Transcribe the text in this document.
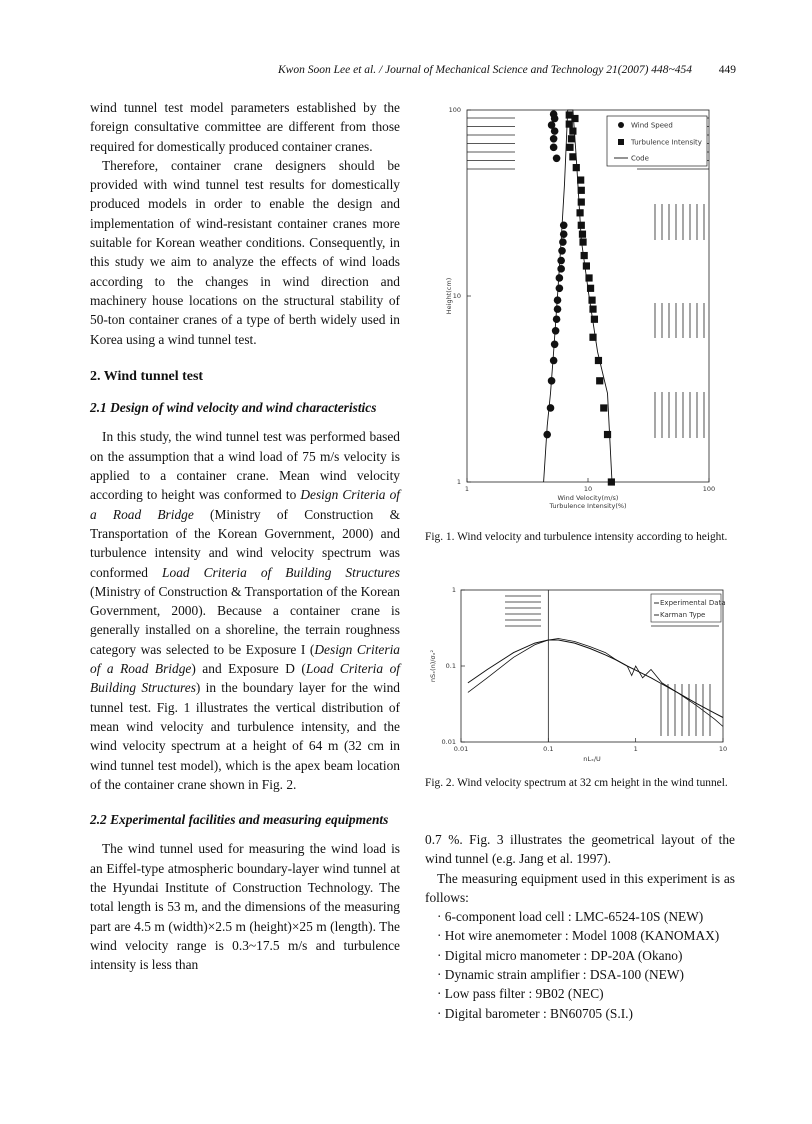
Kwon Soon Lee et al. / Journal of Mechanical Science and Technology 21(2007) 448~454 449

wind tunnel test model parameters established by the foreign consultative committee are different from those required for domestically produced container cranes.

Therefore, container crane designers should be provided with wind tunnel test results for domestically produced models in order to enable the design and implementation of wind-resistant container cranes more suitable for Korean weather conditions. Consequently, in this study we aim to analyze the effects of wind loads according to the changes in wind direction and machinery house locations on the structural stability of 50-ton container cranes of a type of berth widely used in Korea using a wind tunnel test.

2. Wind tunnel test
2.1 Design of wind velocity and wind characteristics

In this study, the wind tunnel test was performed based on the assumption that a wind load of 75 m/s velocity is applied to a container crane. Mean wind velocity according to height was conformed to Design Criteria of a Road Bridge (Ministry of Construction & Transportation of the Korean Government, 2000) and turbulence intensity and wind velocity spectrum was conformed Load Criteria of Building Structures (Ministry of Construction & Transportation of the Korean Government, 2000). Because a container crane is generally installed on a shoreline, the terrain roughness category was selected to be Exposure I (Design Criteria of a Road Bridge) and Exposure D (Load Criteria of Building Structures) in the boundary layer for the wind tunnel test. Fig. 1 illustrates the vertical distribution of mean wind velocity and turbulence intensity, and the wind velocity spectrum at a height of 64 m (32 cm in wind tunnel test model), which is the apex beam location of the container crane shown in Fig. 2.

2.2 Experimental facilities and measuring equipments

The wind tunnel used for measuring the wind load is an Eiffel-type atmospheric boundary-layer wind tunnel at the Hyundai Institute of Construction Technology. The total length is 53 m, and the dimensions of the measuring part are 4.5 m (width)×2.5 m (height)×25 m (length). The wind velocity range is 0.3~17.5 m/s and turbulence intensity is less than

1	10	100
1
10
100
Wind Velocity(m/s)
Turbulence Intensity(%)
Height(cm)
Wind Speed
Turbulence Intensity
Code
Fig. 1. Wind velocity and turbulence intensity according to height.
0.01	0.1	1	10
0.01
0.1
1
nLₓ/U
nSₓ(n)/σₓ²
Experimental Data
Karman Type
Fig. 2. Wind velocity spectrum at 32 cm height in the wind tunnel.

0.7 %. Fig. 3 illustrates the geometrical layout of the wind tunnel (e.g. Jang et al. 1997).

The measuring equipment used in this experiment is as follows:

· 6-component load cell : LMC-6524-10S (NEW)
· Hot wire anemometer : Model 1008 (KANOMAX)
· Digital micro manometer : DP-20A (Okano)
· Dynamic strain amplifier : DSA-100 (NEW)
· Low pass filter : 9B02 (NEC)
· Digital barometer : BN60705 (S.I.)
